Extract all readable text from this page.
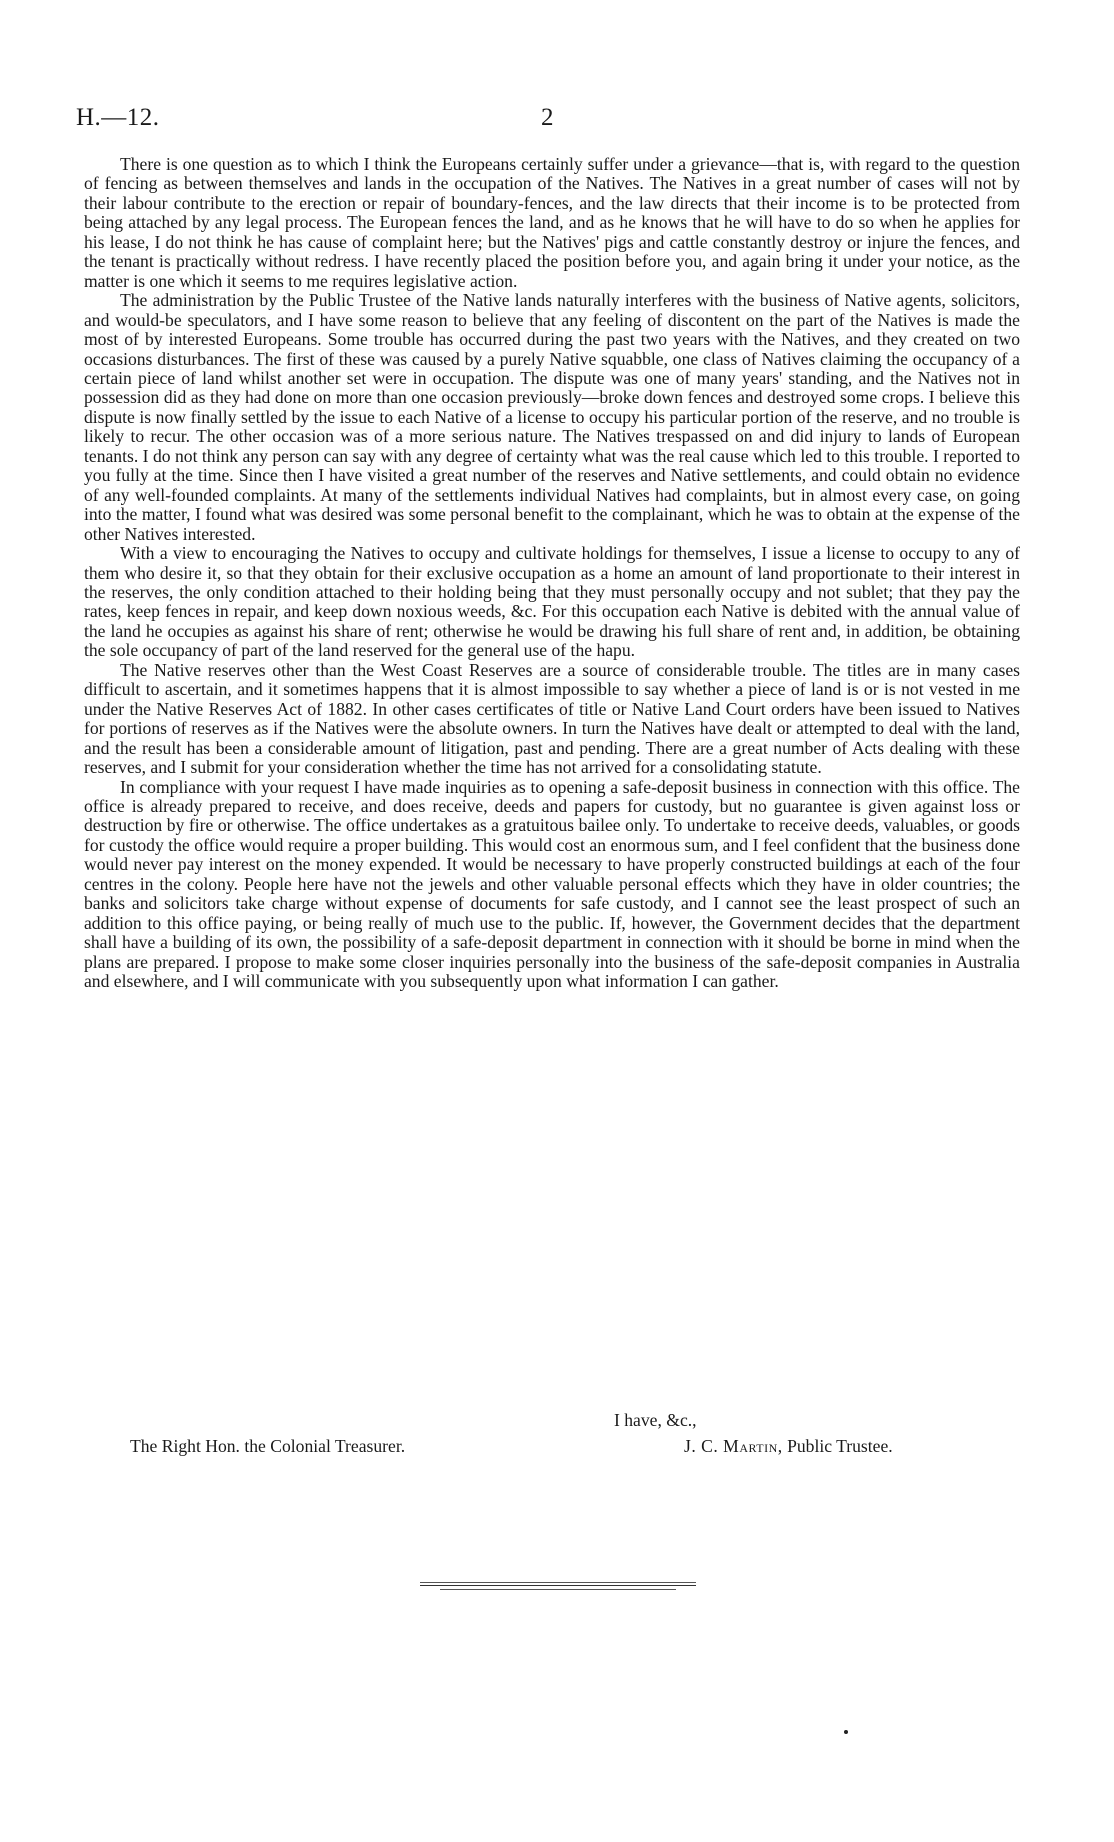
H.—12.	2

There is one question as to which I think the Europeans certainly suffer under a grievance—that is, with regard to the question of fencing as between themselves and lands in the occupation of the Natives. The Natives in a great number of cases will not by their labour contribute to the erection or repair of boundary-fences, and the law directs that their income is to be protected from being attached by any legal process. The European fences the land, and as he knows that he will have to do so when he applies for his lease, I do not think he has cause of complaint here; but the Natives' pigs and cattle constantly destroy or injure the fences, and the tenant is practically without redress. I have recently placed the position before you, and again bring it under your notice, as the matter is one which it seems to me requires legislative action.

The administration by the Public Trustee of the Native lands naturally interferes with the business of Native agents, solicitors, and would-be speculators, and I have some reason to believe that any feeling of discontent on the part of the Natives is made the most of by interested Europeans. Some trouble has occurred during the past two years with the Natives, and they created on two occasions disturbances. The first of these was caused by a purely Native squabble, one class of Natives claiming the occupancy of a certain piece of land whilst another set were in occupation. The dispute was one of many years' standing, and the Natives not in possession did as they had done on more than one occasion previously—broke down fences and destroyed some crops. I believe this dispute is now finally settled by the issue to each Native of a license to occupy his particular portion of the reserve, and no trouble is likely to recur. The other occasion was of a more serious nature. The Natives trespassed on and did injury to lands of European tenants. I do not think any person can say with any degree of certainty what was the real cause which led to this trouble. I reported to you fully at the time. Since then I have visited a great number of the reserves and Native settlements, and could obtain no evidence of any well-founded complaints. At many of the settlements individual Natives had complaints, but in almost every case, on going into the matter, I found what was desired was some personal benefit to the complainant, which he was to obtain at the expense of the other Natives interested.

With a view to encouraging the Natives to occupy and cultivate holdings for themselves, I issue a license to occupy to any of them who desire it, so that they obtain for their exclusive occupation as a home an amount of land proportionate to their interest in the reserves, the only condition attached to their holding being that they must personally occupy and not sublet; that they pay the rates, keep fences in repair, and keep down noxious weeds, &c. For this occupation each Native is debited with the annual value of the land he occupies as against his share of rent; otherwise he would be drawing his full share of rent and, in addition, be obtaining the sole occupancy of part of the land reserved for the general use of the hapu.

The Native reserves other than the West Coast Reserves are a source of considerable trouble. The titles are in many cases difficult to ascertain, and it sometimes happens that it is almost impossible to say whether a piece of land is or is not vested in me under the Native Reserves Act of 1882. In other cases certificates of title or Native Land Court orders have been issued to Natives for portions of reserves as if the Natives were the absolute owners. In turn the Natives have dealt or attempted to deal with the land, and the result has been a considerable amount of litigation, past and pending. There are a great number of Acts dealing with these reserves, and I submit for your consideration whether the time has not arrived for a consolidating statute.

In compliance with your request I have made inquiries as to opening a safe-deposit business in connection with this office. The office is already prepared to receive, and does receive, deeds and papers for custody, but no guarantee is given against loss or destruction by fire or otherwise. The office undertakes as a gratuitous bailee only. To undertake to receive deeds, valuables, or goods for custody the office would require a proper building. This would cost an enormous sum, and I feel confident that the business done would never pay interest on the money expended. It would be necessary to have properly constructed buildings at each of the four centres in the colony. People here have not the jewels and other valuable personal effects which they have in older countries; the banks and solicitors take charge without expense of documents for safe custody, and I cannot see the least prospect of such an addition to this office paying, or being really of much use to the public. If, however, the Government decides that the department shall have a building of its own, the possibility of a safe-deposit department in connection with it should be borne in mind when the plans are prepared. I propose to make some closer inquiries personally into the business of the safe-deposit companies in Australia and elsewhere, and I will communicate with you subsequently upon what information I can gather.

I have, &c.,
The Right Hon. the Colonial Treasurer.	J. C. Martin, Public Trustee.
